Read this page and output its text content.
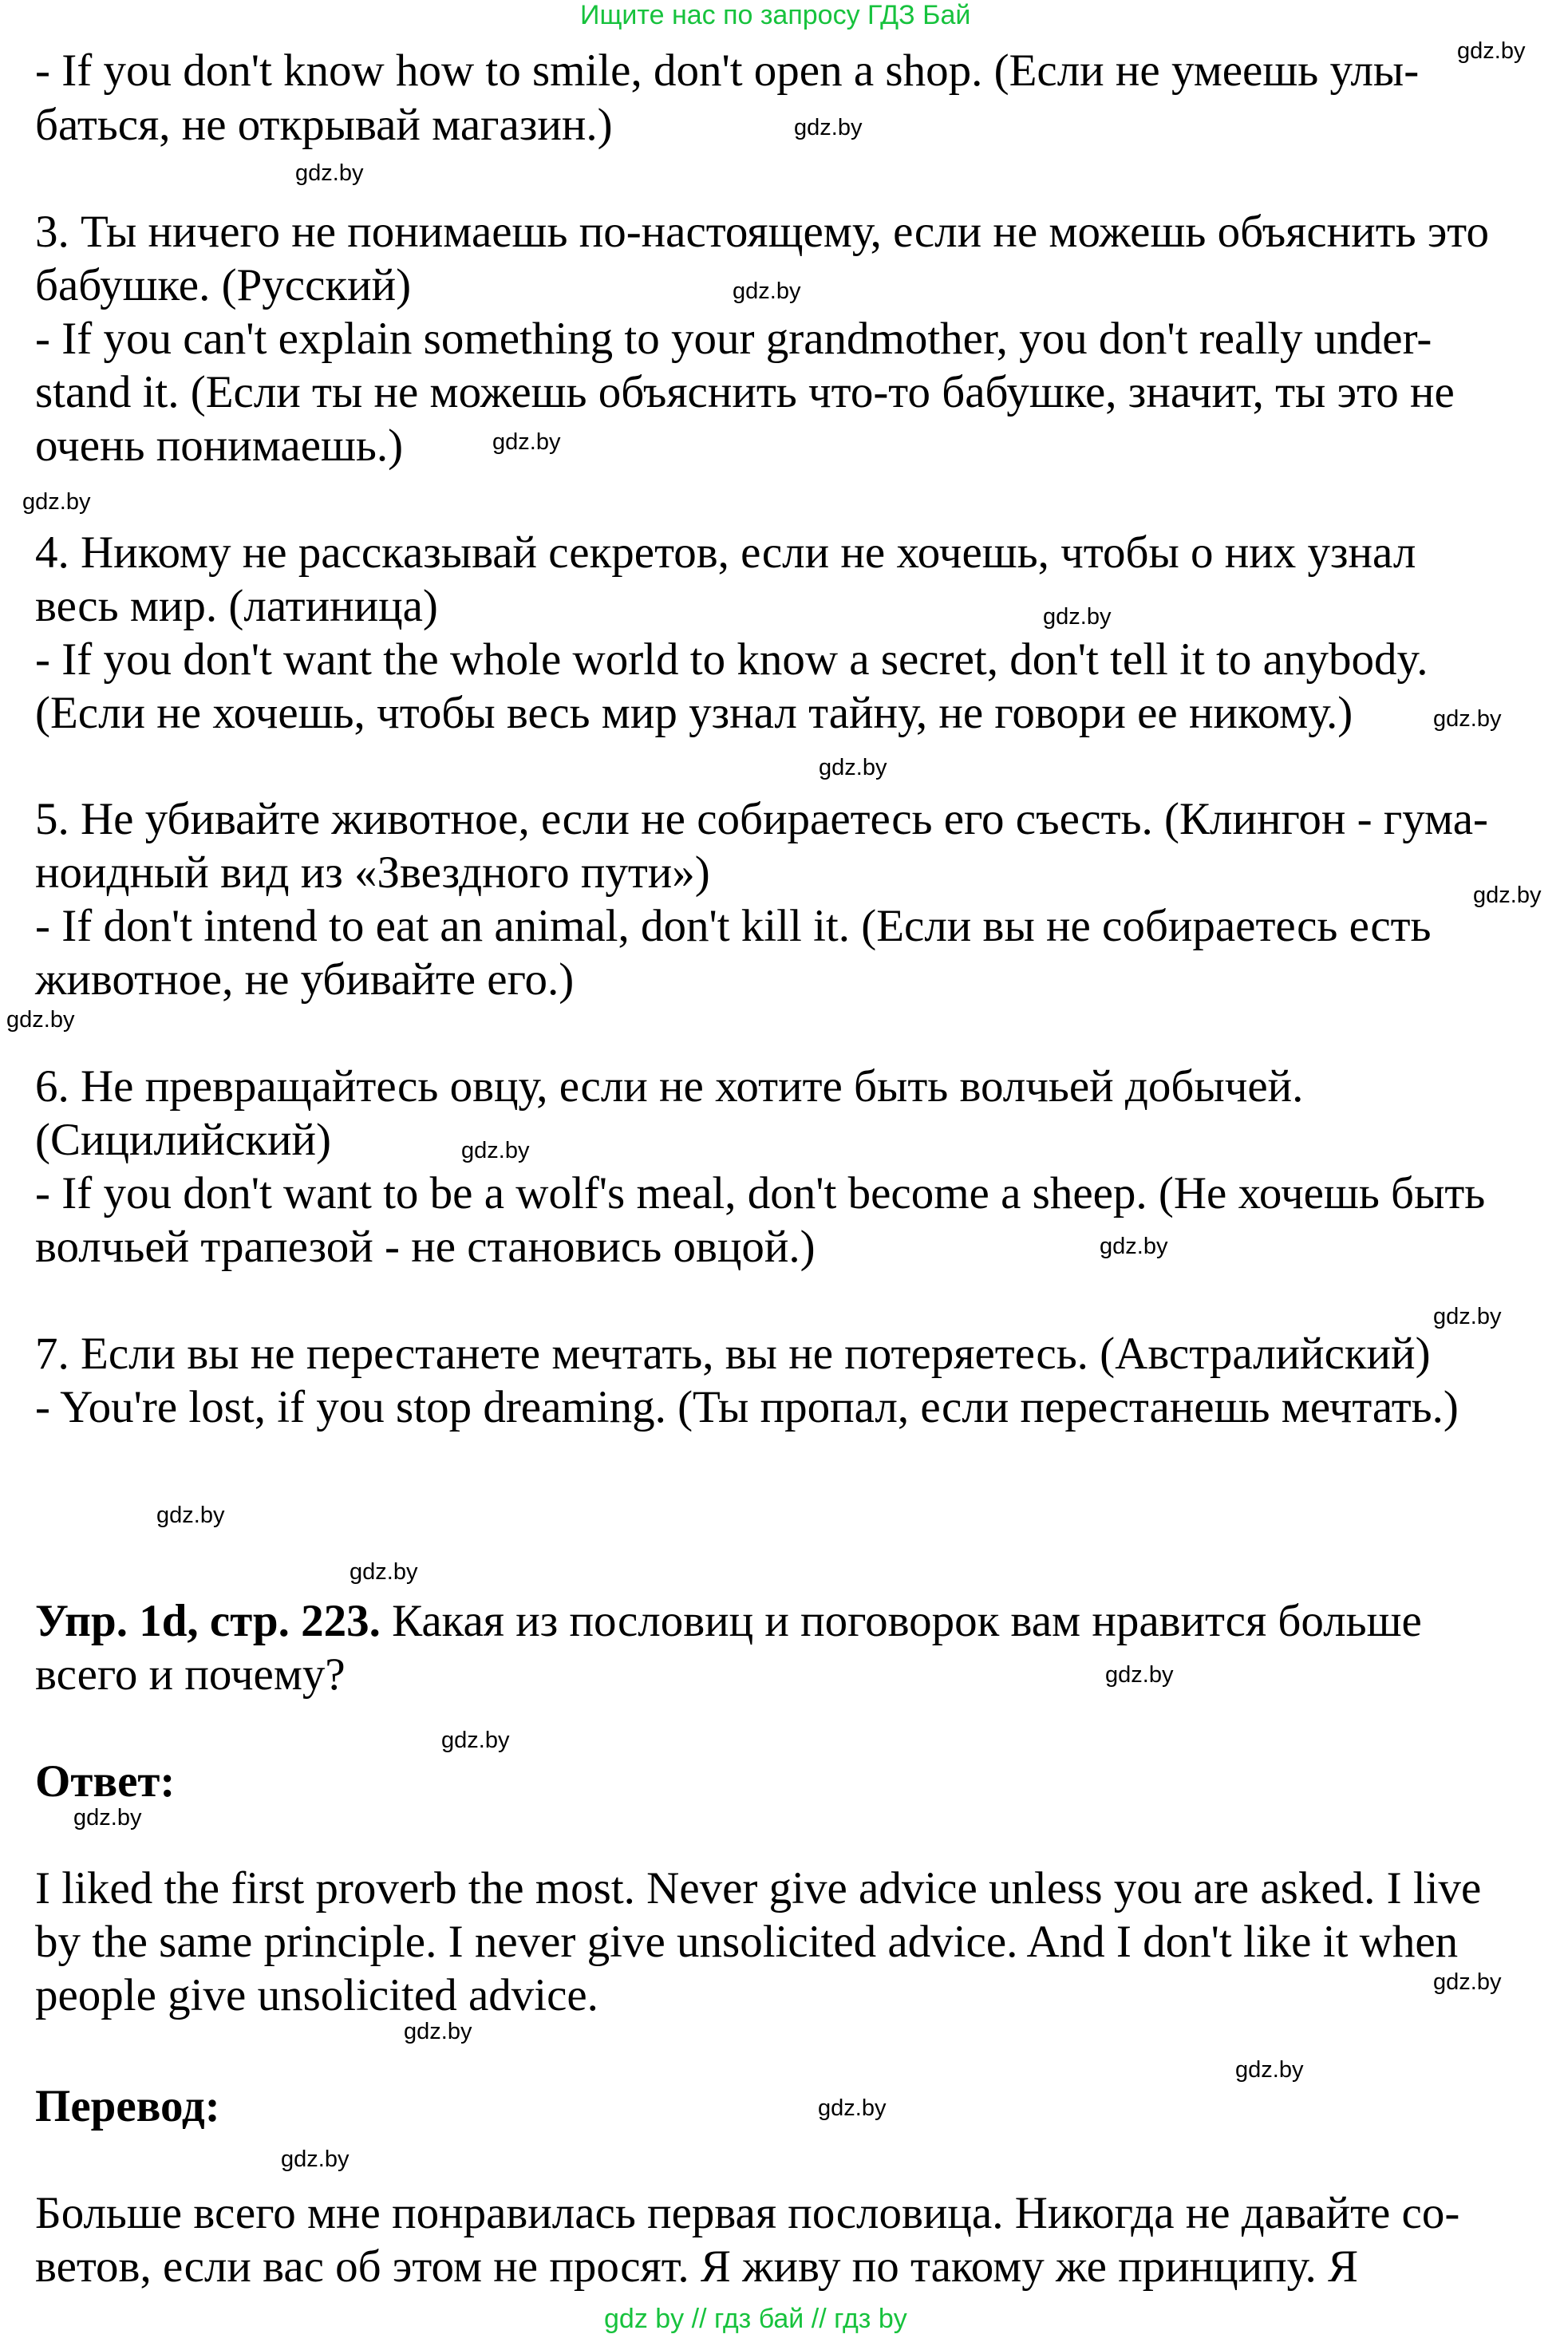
Ищите нас по запросу ГДЗ Бай
- If you don't know how to smile, don't open a shop. (Если не умеешь улы-
баться, не открывай магазин.)
3. Ты ничего не понимаешь по-настоящему, если не можешь объяснить это
бабушке. (Русский)
- If you can't explain something to your grandmother, you don't really under-
stand it. (Если ты не можешь объяснить что-то бабушке, значит, ты это не
очень понимаешь.)
4. Никому не рассказывай секретов, если не хочешь, чтобы о них узнал
весь мир. (латиница)
- If you don't want the whole world to know a secret, don't tell it to anybody.
(Если не хочешь, чтобы весь мир узнал тайну, не говори ее никому.)
5. Не убивайте животное, если не собираетесь его съесть. (Клингон - гума-
ноидный вид из «Звездного пути»)
- If don't intend to eat an animal, don't kill it. (Если вы не собираетесь есть
животное, не убивайте его.)
6. Не превращайтесь овцу, если не хотите быть волчьей добычей.
(Сицилийский)
- If you don't want to be a wolf's meal, don't become a sheep. (Не хочешь быть
волчьей трапезой - не становись овцой.)
7. Если вы не перестанете мечтать, вы не потеряетесь. (Австралийский)
- You're lost, if you stop dreaming. (Ты пропал, если перестанешь мечтать.)
Упр. 1d, стр. 223. Какая из пословиц и поговорок вам нравится больше
всего и почему?
Ответ:
I liked the first proverb the most. Never give advice unless you are asked. I live
by the same principle. I never give unsolicited advice. And I don't like it when
people give unsolicited advice.
Перевод:
Больше всего мне понравилась первая пословица. Никогда не давайте со-
ветов, если вас об этом не просят. Я живу по такому же принципу. Я
gdz by // гдз бай // гдз by
gdz.by
gdz.by
gdz.by
gdz.by
gdz.by
gdz.by
gdz.by
gdz.by
gdz.by
gdz.by
gdz.by
gdz.by
gdz.by
gdz.by
gdz.by
gdz.by
gdz.by
gdz.by
gdz.by
gdz.by
gdz.by
gdz.by
gdz.by
gdz.by
